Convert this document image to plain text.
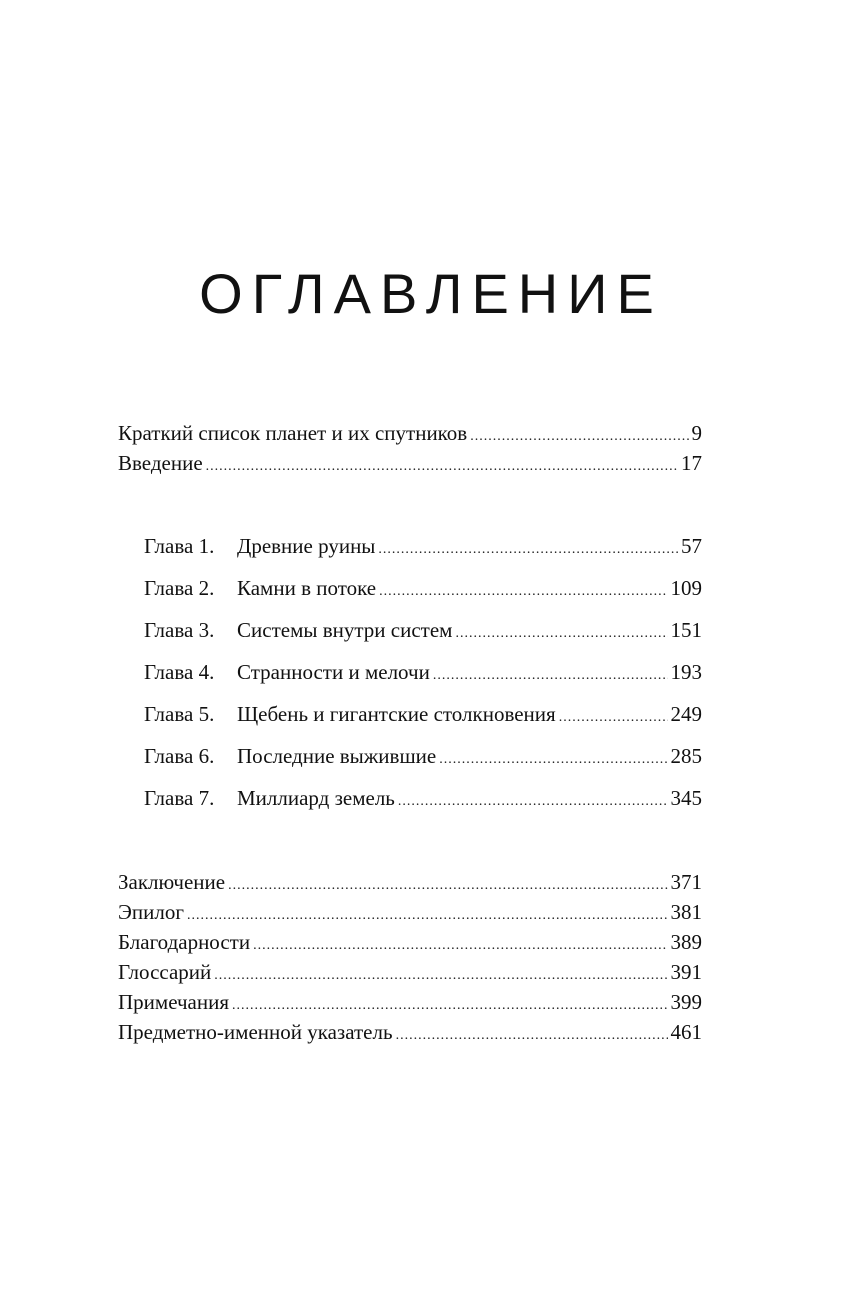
ОГЛАВЛЕНИЕ
Краткий список планет и их спутников .....	9
Введение .....	17
Глава 1.	Древние руины .....	57
Глава 2.	Камни в потоке .....	109
Глава 3.	Системы внутри систем .....	151
Глава 4.	Странности и мелочи .....	193
Глава 5.	Щебень и гигантские столкновения .....	249
Глава 6.	Последние выжившие .....	285
Глава 7.	Миллиард земель .....	345
Заключение .....	371
Эпилог .....	381
Благодарности .....	389
Глоссарий .....	391
Примечания .....	399
Предметно-именной указатель .....	461
